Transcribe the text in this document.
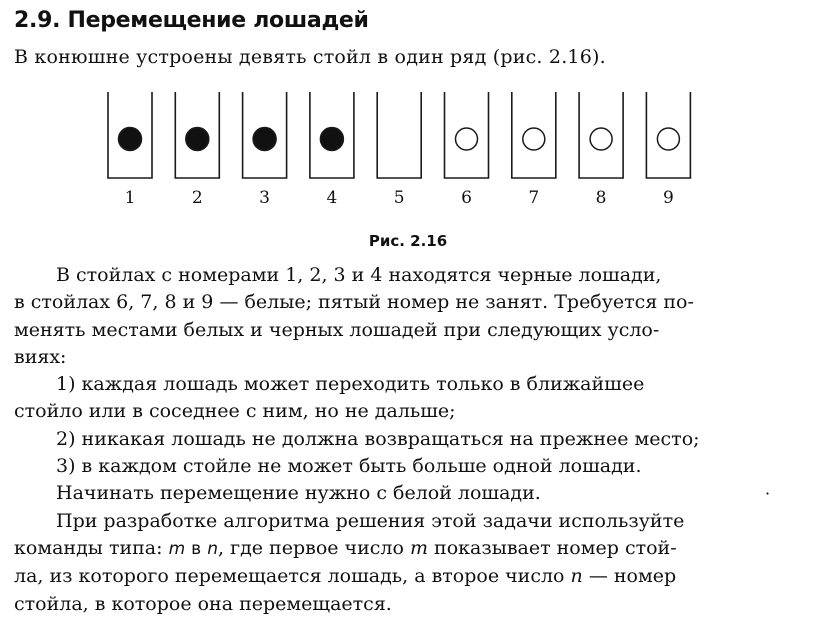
2.9. Перемещение лошадей
В конюшне устроены девять стойл в один ряд (рис. 2.16).
1	2	3	4	5	6	7	8	9
Рис. 2.16

В стойлах с номерами 1, 2, 3 и 4 находятся черные лошади,

в стойлах 6, 7, 8 и 9 — белые; пятый номер не занят. Требуется по-

менять местами белых и черных лошадей при следующих усло-

виях:

1) каждая лошадь может переходить только в ближайшее

стойло или в соседнее с ним, но не дальше;

2) никакая лошадь не должна возвращаться на прежнее место;

3) в каждом стойле не может быть больше одной лошади.

Начинать перемещение нужно с белой лошади.

При разработке алгоритма решения этой задачи используйте

команды типа: m в n, где первое число m показывает номер стой-

ла, из которого перемещается лошадь, а второе число n — номер

стойла, в которое она перемещается.

·
